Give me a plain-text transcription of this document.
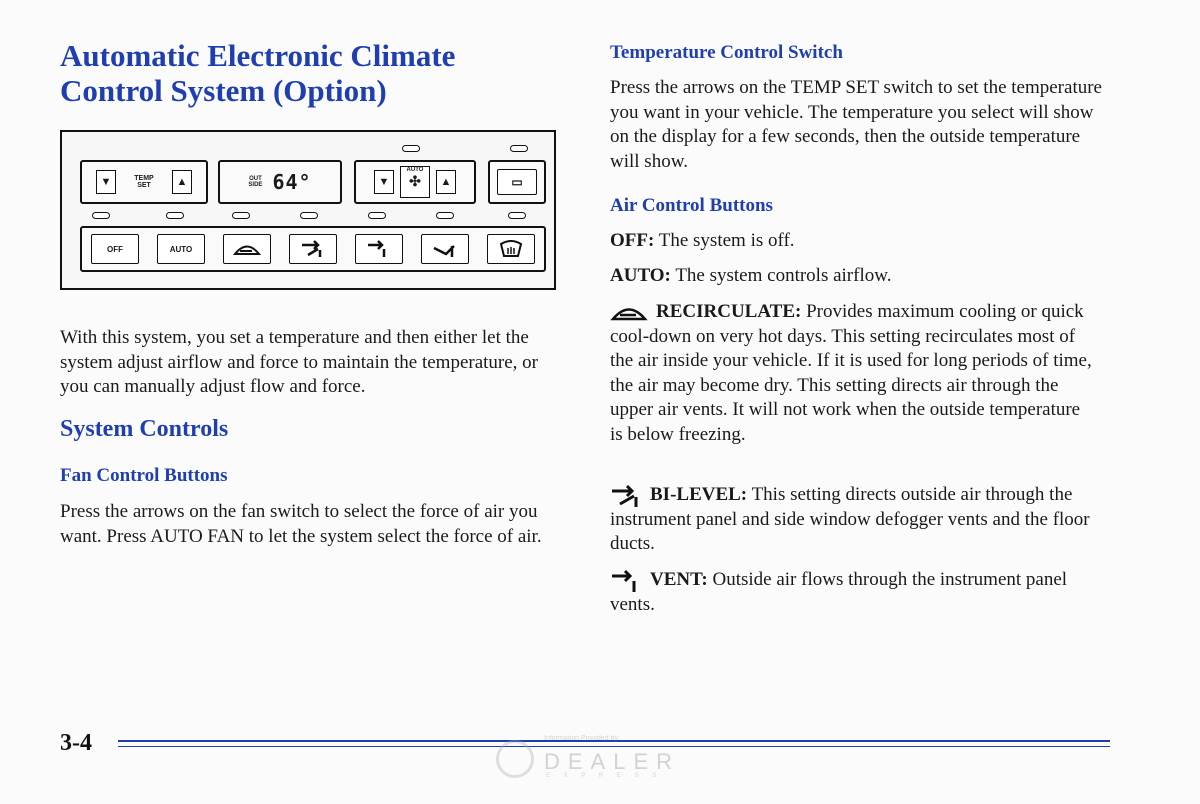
Automatic Electronic Climate
Control System (Option)
▼	TEMP
SET	▲	OUT
SIDE 64°	▼
AUTO
✣	▲	▭
OFF	AUTO
With this system, you set a temperature and then either let the system adjust airflow and force to maintain the temperature, or you can manually adjust flow and force.
System Controls
Fan Control Buttons
Press the arrows on the fan switch to select the force of air you want. Press AUTO FAN to let the system select the force of air.
Temperature Control Switch
Press the arrows on the TEMP SET switch to set the temperature you want in your vehicle. The temperature you select will show on the display for a few seconds, then the outside temperature will show.
Air Control Buttons
OFF: The system is off.
AUTO: The system controls airflow.
RECIRCULATE: Provides maximum cooling or quick cool-down on very hot days. This setting recirculates most of the air inside your vehicle. If it is used for long periods of time, the air may become dry. This setting directs air through the upper air vents. It will not work when the outside temperature is below freezing.
BI-LEVEL: This setting directs outside air through the instrument panel and side window defogger vents and the floor ducts.
VENT: Outside air flows through the instrument panel vents.
3-4	Information Provided by:
DEALER
E X P R E S S
